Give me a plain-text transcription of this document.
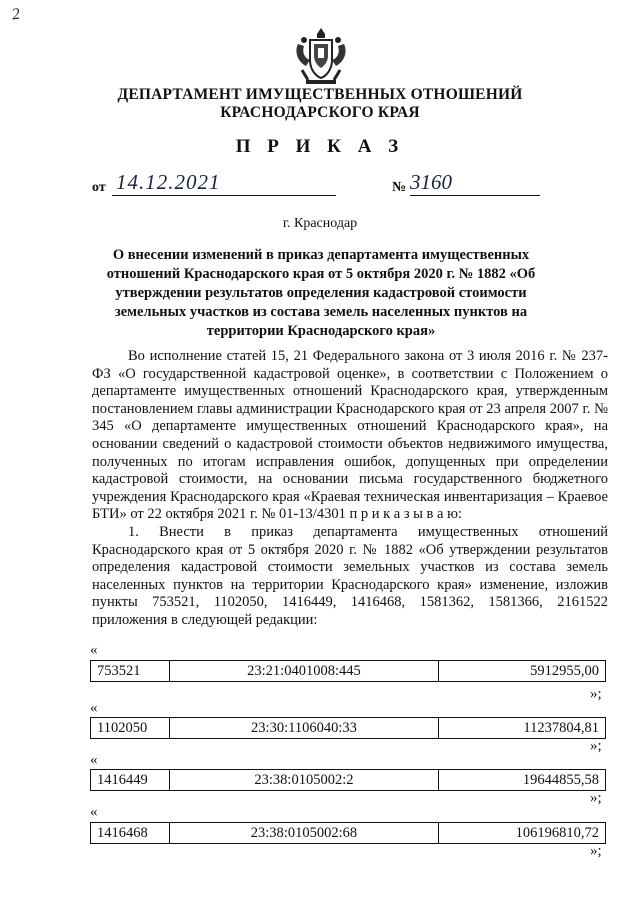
2
ДЕПАРТАМЕНТ ИМУЩЕСТВЕННЫХ ОТНОШЕНИЙ
КРАСНОДАРСКОГО КРАЯ
П Р И К А З
от 14.12.2021	№ 3160
г. Краснодар
О внесении изменений в приказ департамента имущественных отношений Краснодарского края от 5 октября 2020 г. № 1882 «Об утверждении результатов определения кадастровой стоимости земельных участков из состава земель населенных пунктов на территории Краснодарского края»

Во исполнение статей 15, 21 Федерального закона от 3 июля 2016 г. № 237-ФЗ «О государственной кадастровой оценке», в соответствии с Положением о департаменте имущественных отношений Краснодарского края, утвержденным постановлением главы администрации Краснодарского края от 23 апреля 2007 г. № 345 «О департаменте имущественных отношений Краснодарского края», на основании сведений о кадастровой стоимости объектов недвижимого имущества, полученных по итогам исправления ошибок, допущенных при определении кадастровой стоимости, на основании письма государственного бюджетного учреждения Краснодарского края «Краевая техническая инвентаризация – Краевое БТИ» от 22 октября 2021 г. № 01-13/4301 п р и к а з ы в а ю:

1. Внести в приказ департамента имущественных отношений Краснодарского края от 5 октября 2020 г. № 1882 «Об утверждении результатов определения кадастровой стоимости земельных участков из состава земель населенных пунктов на территории Краснодарского края» изменение, изложив пункты 753521, 1102050, 1416449, 1416468, 1581362, 1581366, 2161522 приложения в следующей редакции:

«
753521	23:21:0401008:445	5912955,00
»;
«
1102050	23:30:1106040:33	11237804,81
»;
«
1416449	23:38:0105002:2	19644855,58
»;
«
1416468	23:38:0105002:68	106196810,72
»;
